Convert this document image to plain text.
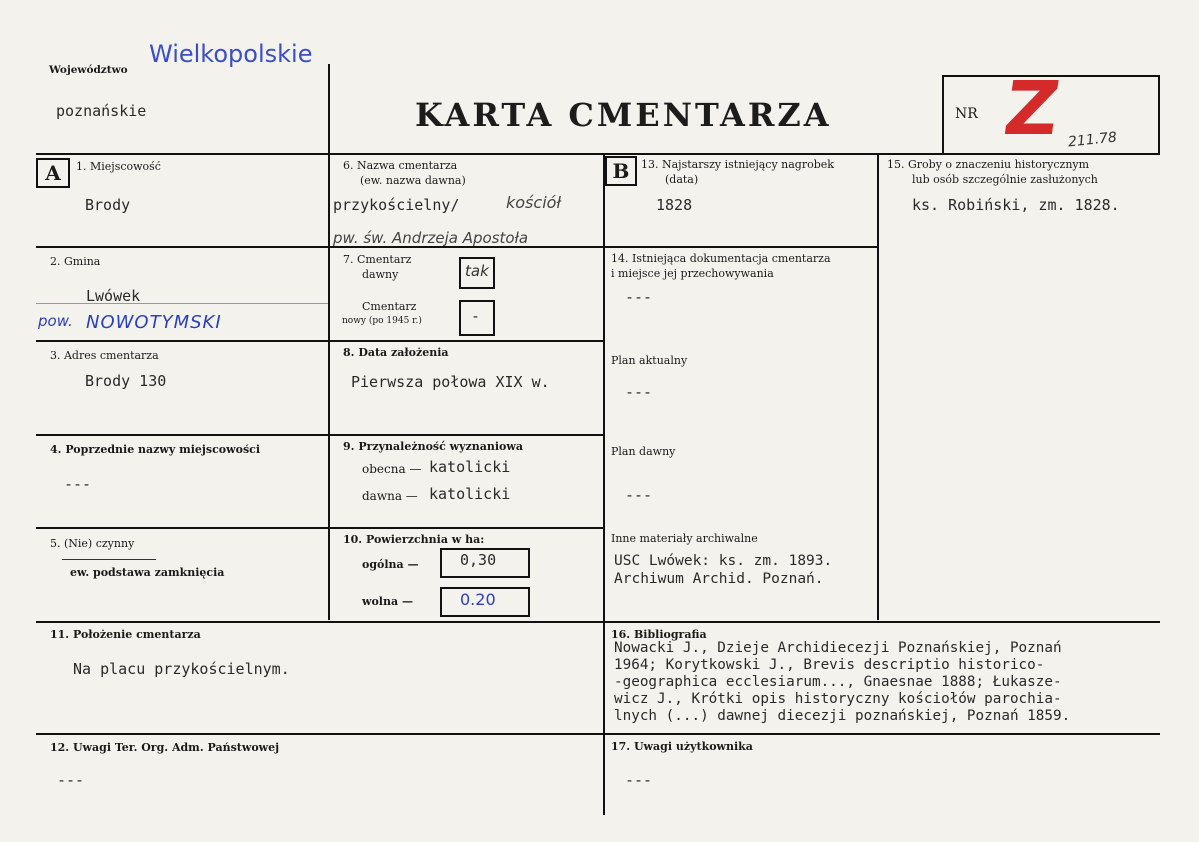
Wielkopolskie
Województwo
poznańskie	KARTA CMENTARZA	NR Z 211.78
A	B
1. Miejscowość
Brody
2. Gmina
Lwówek
pow. NOWOTYMSKI
3. Adres cmentarza
Brody 130
4. Poprzednie nazwy miejscowości
---
5. (Nie) czynny
ew. podstawa zamknięcia
6. Nazwa cmentarza
(ew. nazwa dawna)
przykościelny/	kościół
pw. św. Andrzeja Apostoła
7. Cmentarz
dawny	tak
Cmentarz
nowy (po 1945 r.)	-
8. Data założenia
Pierwsza połowa XIX w.
9. Przynależność wyznaniowa
obecna — katolicki
dawna — katolicki
10. Powierzchnia w ha:
ogólna —	0,30
wolna —	0.20
11. Położenie cmentarza
Na placu przykościelnym.
12. Uwagi Ter. Org. Adm. Państwowej
---
13. Najstarszy istniejący nagrobek
(data)
1828
14. Istniejąca dokumentacja cmentarza
i miejsce jej przechowywania
---
Plan aktualny
---
Plan dawny
---
Inne materiały archiwalne
USC Lwówek: ks. zm. 1893.
Archiwum Archid. Poznań.
15. Groby o znaczeniu historycznym
lub osób szczególnie zasłużonych
ks. Robiński, zm. 1828.
16. Bibliografia
Nowacki J., Dzieje Archidiecezji Poznańskiej, Poznań
1964; Korytkowski J., Brevis descriptio historico-
-geographica ecclesiarum..., Gnaesnae 1888; Łukasze-
wicz J., Krótki opis historyczny kościołów parochia-
lnych (...) dawnej diecezji poznańskiej, Poznań 1859.
17. Uwagi użytkownika
---
